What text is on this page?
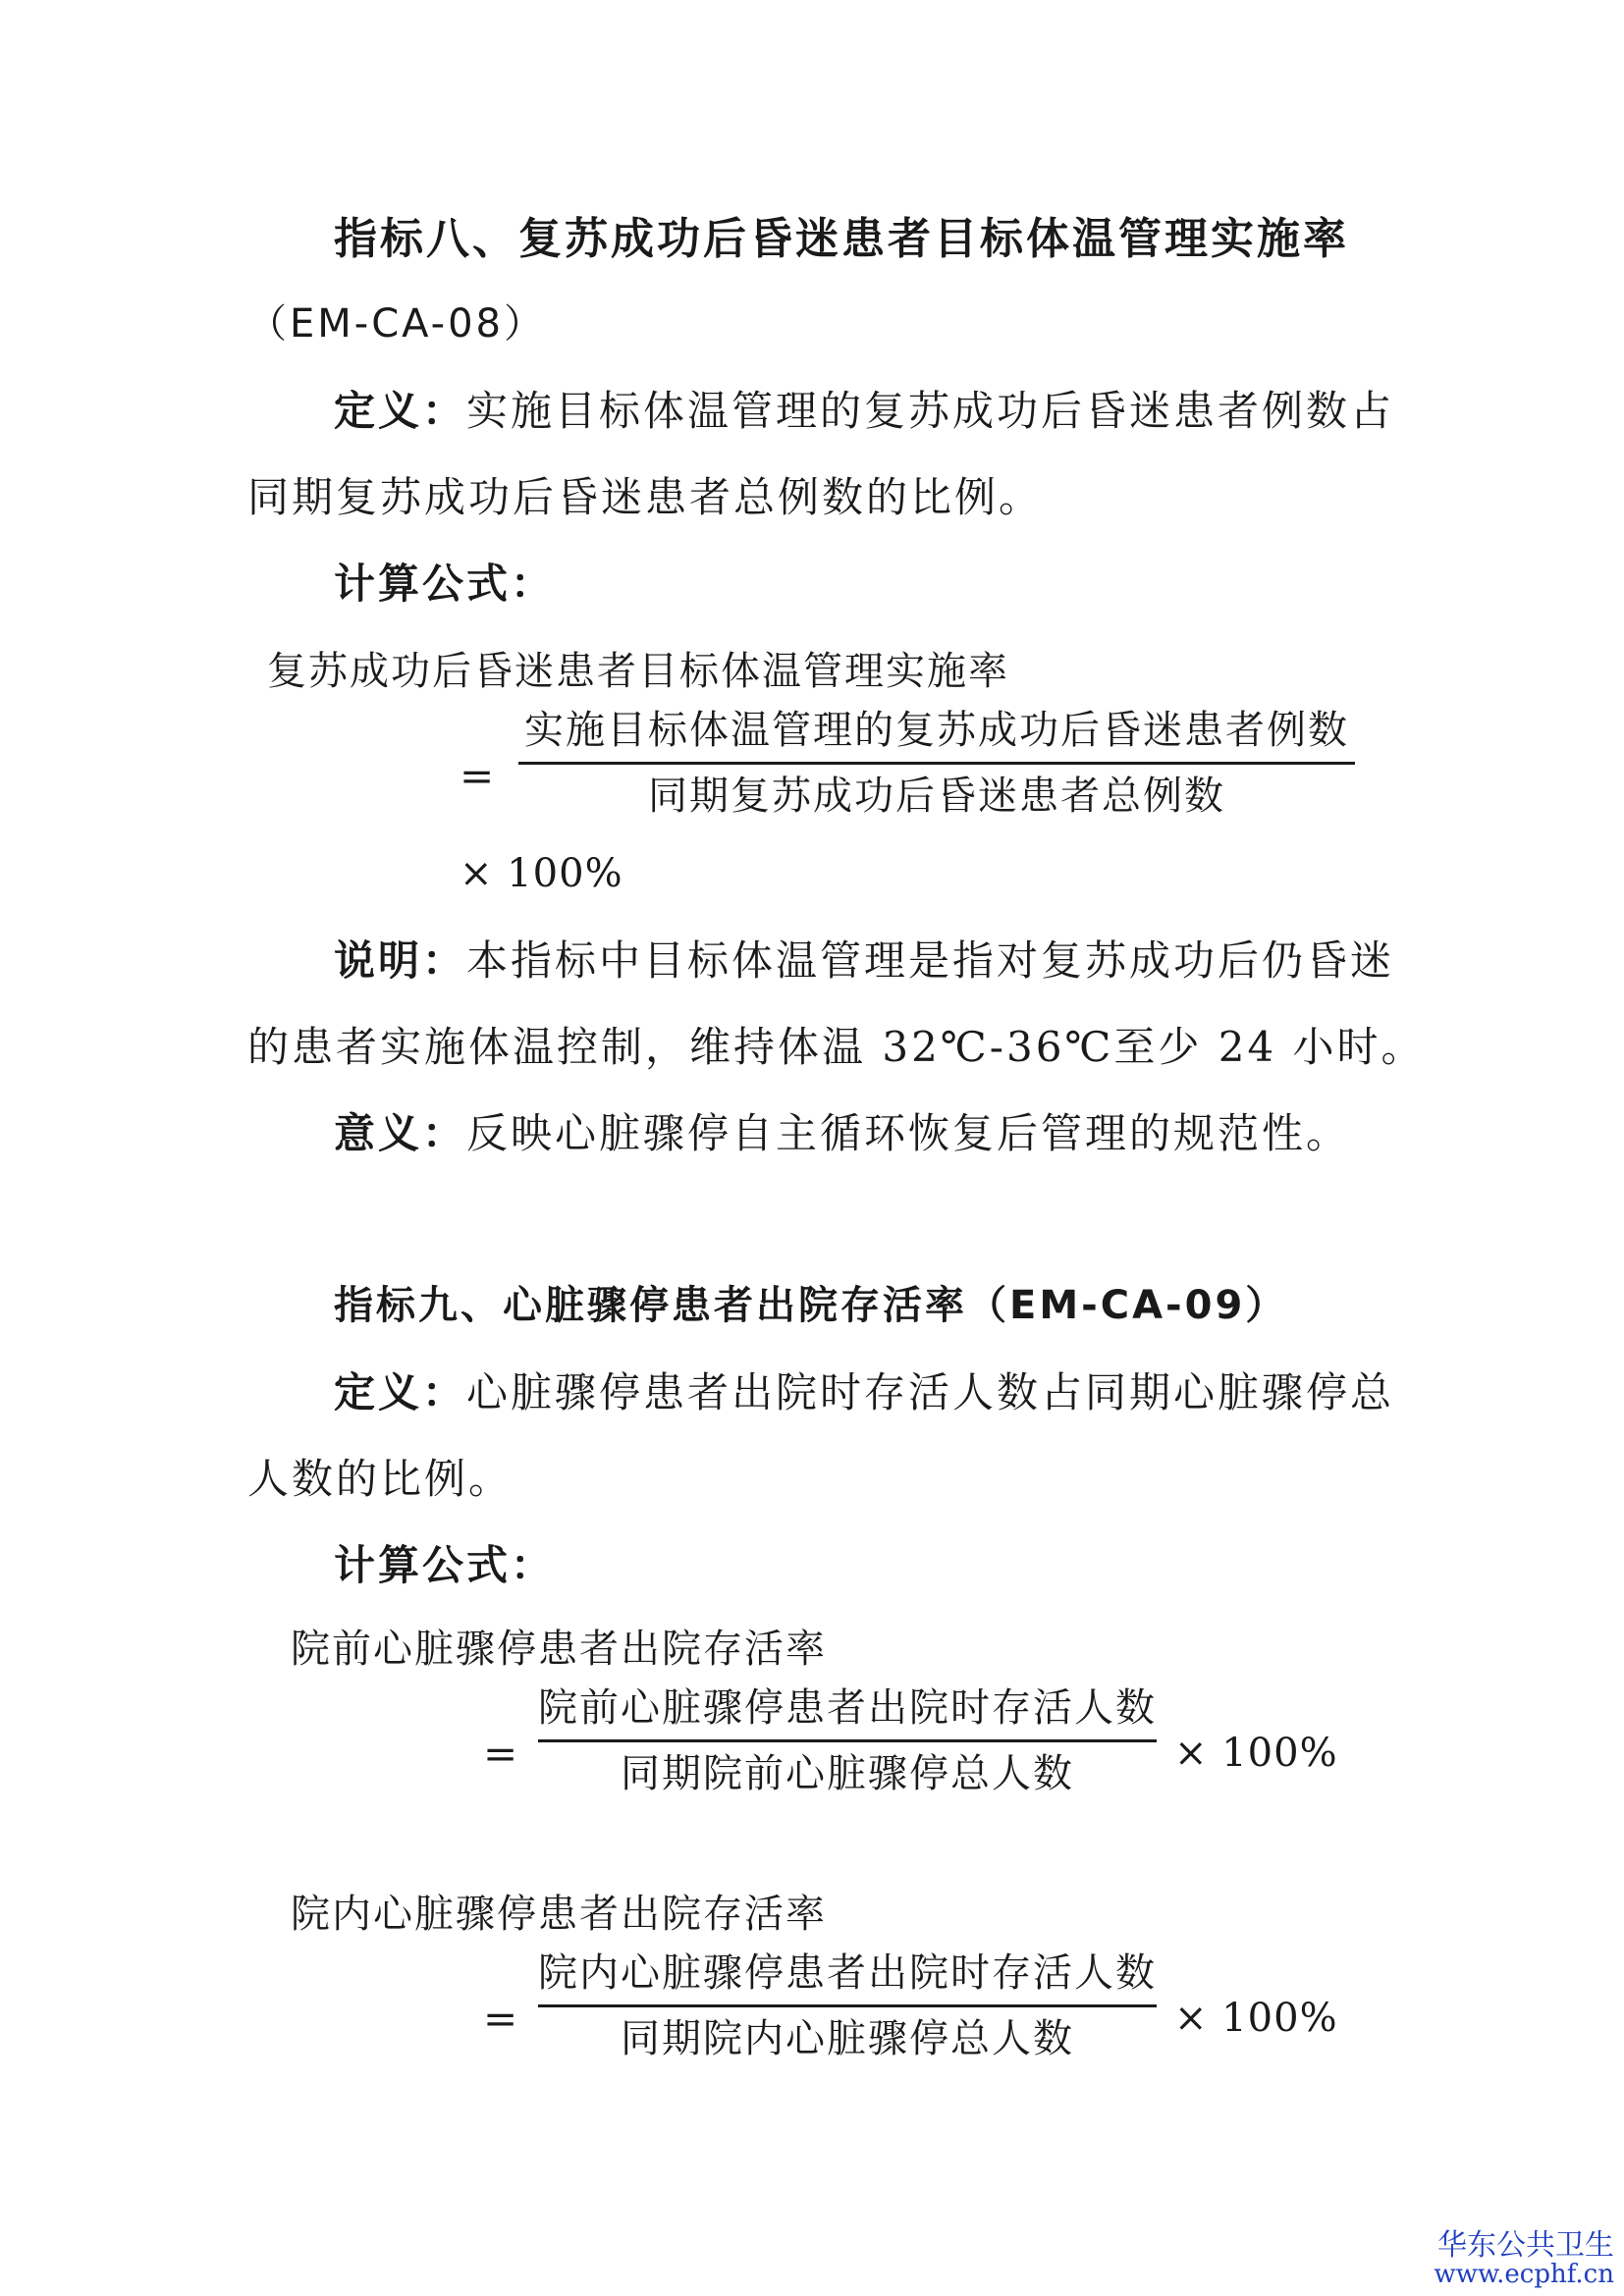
指标八、复苏成功后昏迷患者目标体温管理实施率
（EM-CA-08）
定义：实施目标体温管理的复苏成功后昏迷患者例数占
同期复苏成功后昏迷患者总例数的比例。
计算公式：
复苏成功后昏迷患者目标体温管理实施率
=
实施目标体温管理的复苏成功后昏迷患者例数
同期复苏成功后昏迷患者总例数
× 100%
说明：本指标中目标体温管理是指对复苏成功后仍昏迷
的患者实施体温控制，维持体温 32℃-36℃至少 24 小时。
意义：反映心脏骤停自主循环恢复后管理的规范性。
指标九、心脏骤停患者出院存活率（EM-CA-09）
定义：心脏骤停患者出院时存活人数占同期心脏骤停总
人数的比例。
计算公式：
院前心脏骤停患者出院存活率
=
院前心脏骤停患者出院时存活人数
同期院前心脏骤停总人数	× 100%
院内心脏骤停患者出院存活率
=
院内心脏骤停患者出院时存活人数
同期院内心脏骤停总人数	× 100%
华东公共卫生
www.ecphf.cn
